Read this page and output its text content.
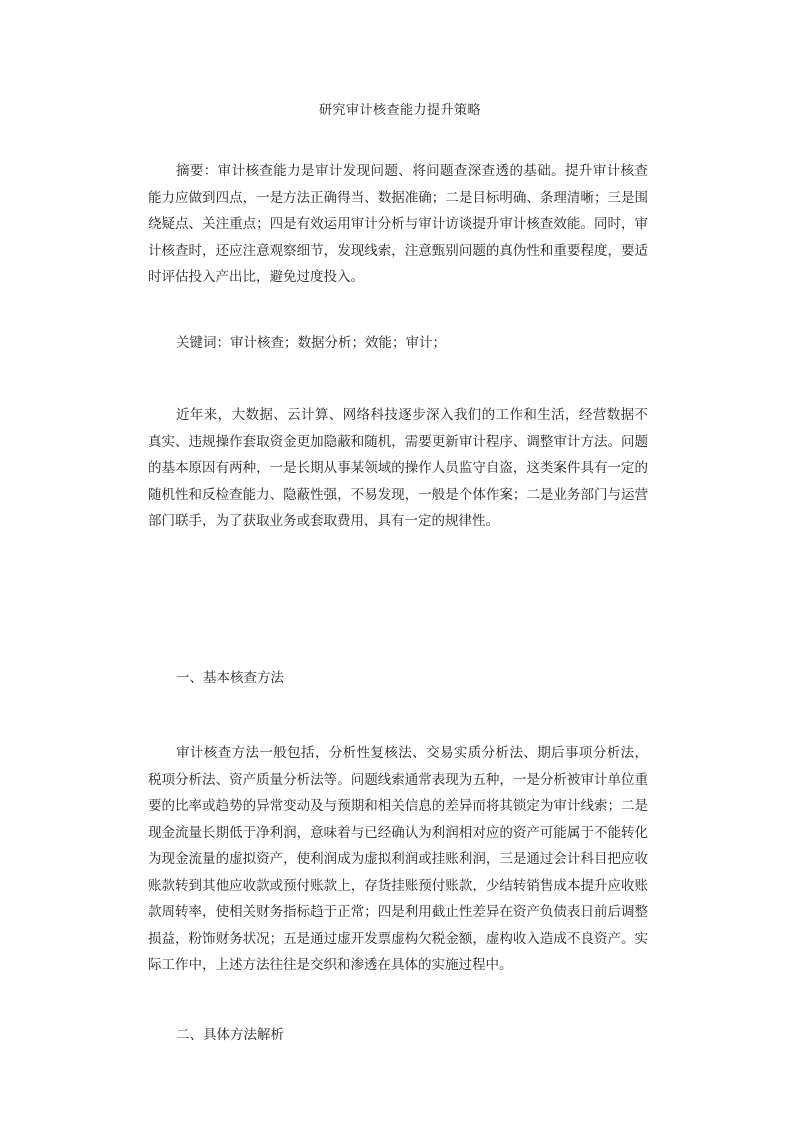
研究审计核查能力提升策略

摘要：审计核查能力是审计发现问题、将问题查深查透的基础。提升审计核查能力应做到四点，一是方法正确得当、数据准确；二是目标明确、条理清晰；三是围绕疑点、关注重点；四是有效运用审计分析与审计访谈提升审计核查效能。同时，审计核查时，还应注意观察细节，发现线索，注意甄别问题的真伪性和重要程度，要适时评估投入产出比，避免过度投入。

关键词：审计核查；数据分析；效能；审计；

近年来，大数据、云计算、网络科技逐步深入我们的工作和生活，经营数据不真实、违规操作套取资金更加隐蔽和随机，需要更新审计程序、调整审计方法。问题的基本原因有两种，一是长期从事某领域的操作人员监守自盗，这类案件具有一定的随机性和反检查能力、隐蔽性强，不易发现，一般是个体作案；二是业务部门与运营部门联手，为了获取业务或套取费用，具有一定的规律性。

一、基本核查方法

审计核查方法一般包括，分析性复核法、交易实质分析法、期后事项分析法，税项分析法、资产质量分析法等。问题线索通常表现为五种，一是分析被审计单位重要的比率或趋势的异常变动及与预期和相关信息的差异而将其锁定为审计线索；二是现金流量长期低于净利润，意味着与已经确认为利润相对应的资产可能属于不能转化为现金流量的虚拟资产，使利润成为虚拟利润或挂账利润，三是通过会计科目把应收账款转到其他应收款或预付账款上，存货挂账预付账款，少结转销售成本提升应收账款周转率，使相关财务指标趋于正常；四是利用截止性差异在资产负债表日前后调整损益，粉饰财务状况；五是通过虚开发票虚构欠税金额，虚构收入造成不良资产。实际工作中，上述方法往往是交织和渗透在具体的实施过程中。

二、具体方法解析
